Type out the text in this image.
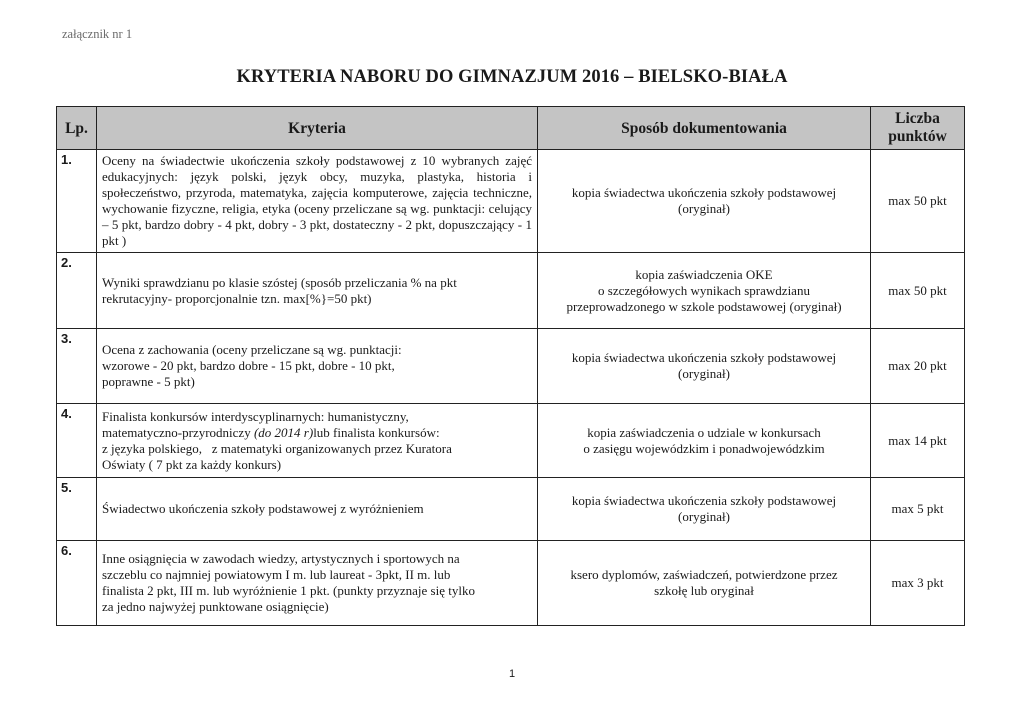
załącznik nr 1
KRYTERIA NABORU DO GIMNAZJUM 2016 – BIELSKO-BIAŁA
Lp.	Kryteria	Sposób dokumentowania	Liczba
punktów

1.	Oceny na świadectwie ukończenia szkoły podstawowej z 10 wybranych zajęć edukacyjnych: język polski, język obcy, muzyka, plastyka, historia i społeczeństwo, przyroda, matematyka, zajęcia komputerowe, zajęcia techniczne, wychowanie fizyczne, religia, etyka (oceny przeliczane są wg. punktacji: celujący – 5 pkt, bardzo dobry - 4 pkt, dobry - 3 pkt, dostateczny - 2 pkt, dopuszczający - 1 pkt )	kopia świadectwa ukończenia szkoły podstawowej
(oryginał)	max 50 pkt
2.	Wyniki sprawdzianu po klasie szóstej (sposób przeliczania % na pkt
rekrutacyjny- proporcjonalnie tzn. max[%}=50 pkt)	kopia zaświadczenia OKE
o szczegółowych wynikach sprawdzianu
przeprowadzonego w szkole podstawowej (oryginał)	max 50 pkt
3.	Ocena z zachowania (oceny przeliczane są wg. punktacji:
wzorowe - 20 pkt, bardzo dobre - 15 pkt, dobre - 10 pkt,
poprawne - 5 pkt)	kopia świadectwa ukończenia szkoły podstawowej
(oryginał)	max 20 pkt
4.	Finalista konkursów interdyscyplinarnych: humanistyczny,
matematyczno-przyrodniczy (do 2014 r)lub finalista konkursów:
z języka polskiego,   z matematyki organizowanych przez Kuratora
Oświaty ( 7 pkt za każdy konkurs)	kopia zaświadczenia o udziale w konkursach
o zasięgu wojewódzkim i ponadwojewódzkim	max 14 pkt
5.	Świadectwo ukończenia szkoły podstawowej z wyróżnieniem	kopia świadectwa ukończenia szkoły podstawowej
(oryginał)	max 5 pkt
6.	Inne osiągnięcia w zawodach wiedzy, artystycznych i sportowych na
szczeblu co najmniej powiatowym I m. lub laureat - 3pkt, II m. lub
finalista 2 pkt, III m. lub wyróżnienie 1 pkt. (punkty przyznaje się tylko
za jedno najwyżej punktowane osiągnięcie)	ksero dyplomów, zaświadczeń, potwierdzone przez
szkołę lub oryginał	max 3 pkt
1
